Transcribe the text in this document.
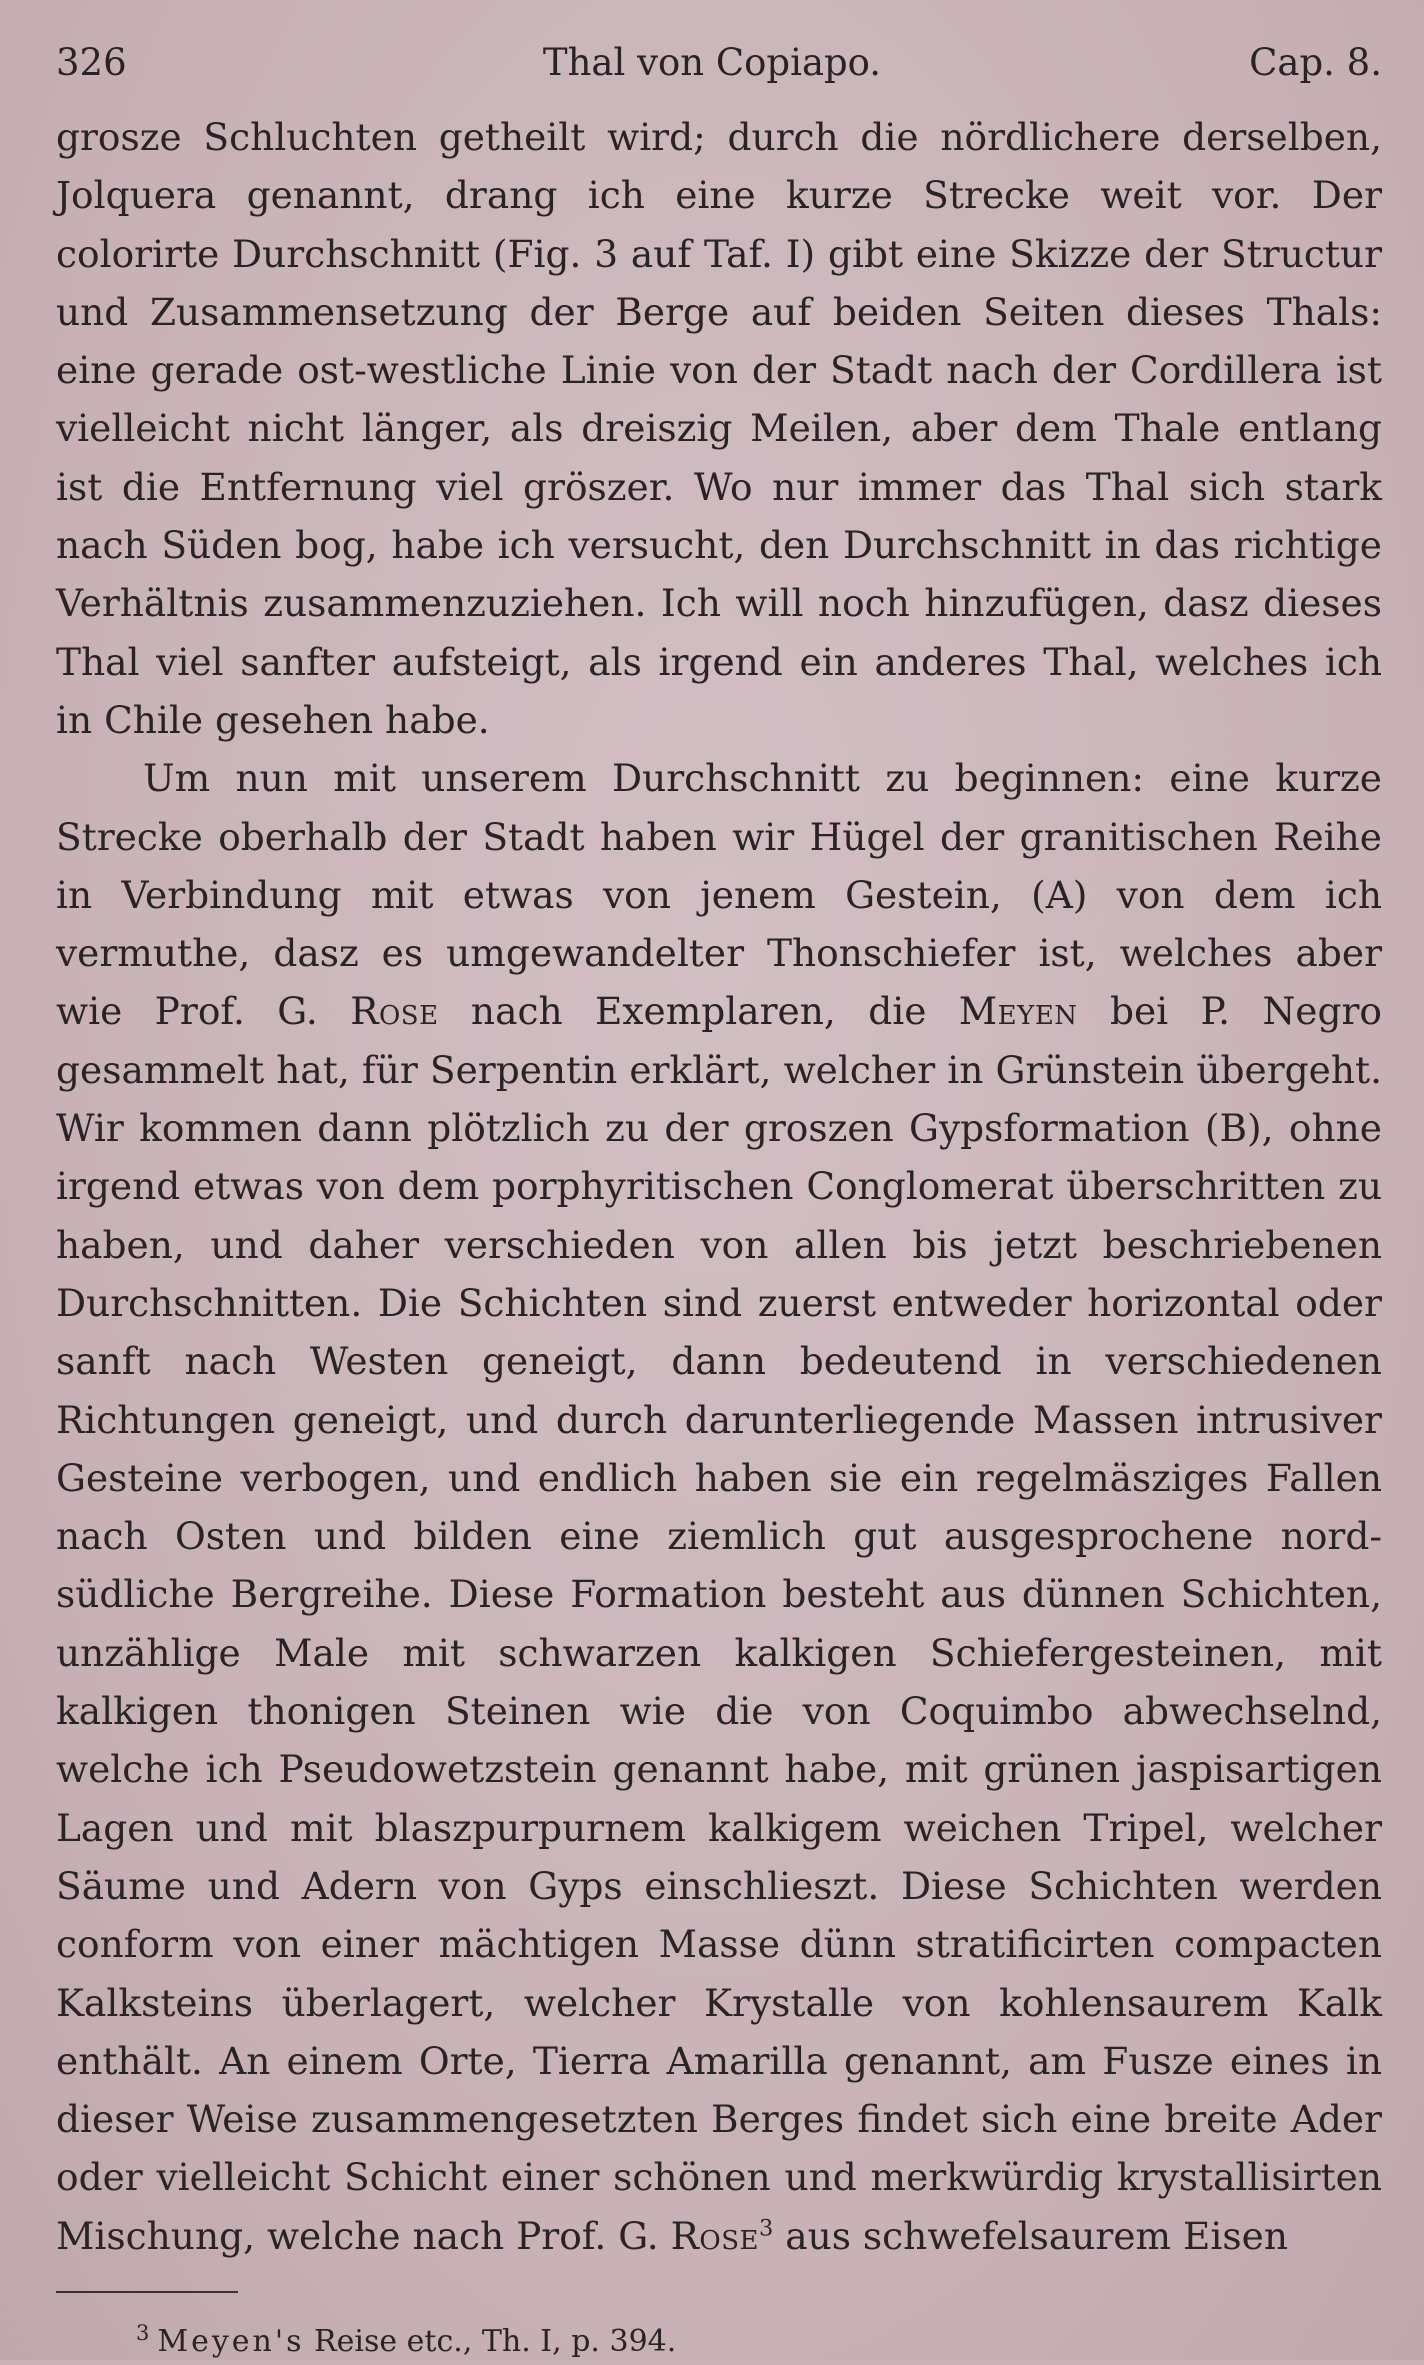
326	Thal von Copiapo.	Cap. 8.

grosze Schluchten getheilt wird; durch die nördlichere derselben, Jolquera genannt, drang ich eine kurze Strecke weit vor. Der colorirte Durchschnitt (Fig. 3 auf Taf. I) gibt eine Skizze der Structur und Zusammensetzung der Berge auf beiden Seiten dieses Thals: eine gerade ost-westliche Linie von der Stadt nach der Cordillera ist vielleicht nicht länger, als dreiszig Meilen, aber dem Thale entlang ist die Entfernung viel gröszer. Wo nur immer das Thal sich stark nach Süden bog, habe ich versucht, den Durchschnitt in das richtige Verhältnis zusammenzuziehen. Ich will noch hinzufügen, dasz dieses Thal viel sanfter aufsteigt, als irgend ein anderes Thal, welches ich in Chile gesehen habe.

Um nun mit unserem Durchschnitt zu beginnen: eine kurze Strecke oberhalb der Stadt haben wir Hügel der granitischen Reihe in Verbindung mit etwas von jenem Gestein, (A) von dem ich vermuthe, dasz es umgewandelter Thonschiefer ist, welches aber wie Prof. G. Rose nach Exemplaren, die Meyen bei P. Negro gesammelt hat, für Serpentin erklärt, welcher in Grünstein übergeht. Wir kommen dann plötzlich zu der groszen Gypsformation (B), ohne irgend etwas von dem porphyritischen Conglomerat überschritten zu haben, und daher verschieden von allen bis jetzt beschriebenen Durchschnitten. Die Schichten sind zuerst entweder horizontal oder sanft nach Westen geneigt, dann bedeutend in verschiedenen Richtungen geneigt, und durch darunterliegende Massen intrusiver Gesteine verbogen, und endlich haben sie ein regelmäsziges Fallen nach Osten und bilden eine ziemlich gut ausgesprochene nord-südliche Bergreihe. Diese Formation besteht aus dünnen Schichten, unzählige Male mit schwarzen kalkigen Schiefergesteinen, mit kalkigen thonigen Steinen wie die von Coquimbo abwechselnd, welche ich Pseudowetzstein genannt habe, mit grünen jaspisartigen Lagen und mit blaszpurpurnem kalkigem weichen Tripel, welcher Säume und Adern von Gyps einschlieszt. Diese Schichten werden conform von einer mächtigen Masse dünn stratificirten compacten Kalksteins überlagert, welcher Krystalle von kohlensaurem Kalk enthält. An einem Orte, Tierra Amarilla genannt, am Fusze eines in dieser Weise zusammengesetzten Berges findet sich eine breite Ader oder vielleicht Schicht einer schönen und merkwürdig krystallisirten Mischung, welche nach Prof. G. Rose$^3$ aus schwefelsaurem Eisen

$^3$ Meyen's Reise etc., Th. I, p. 394.
